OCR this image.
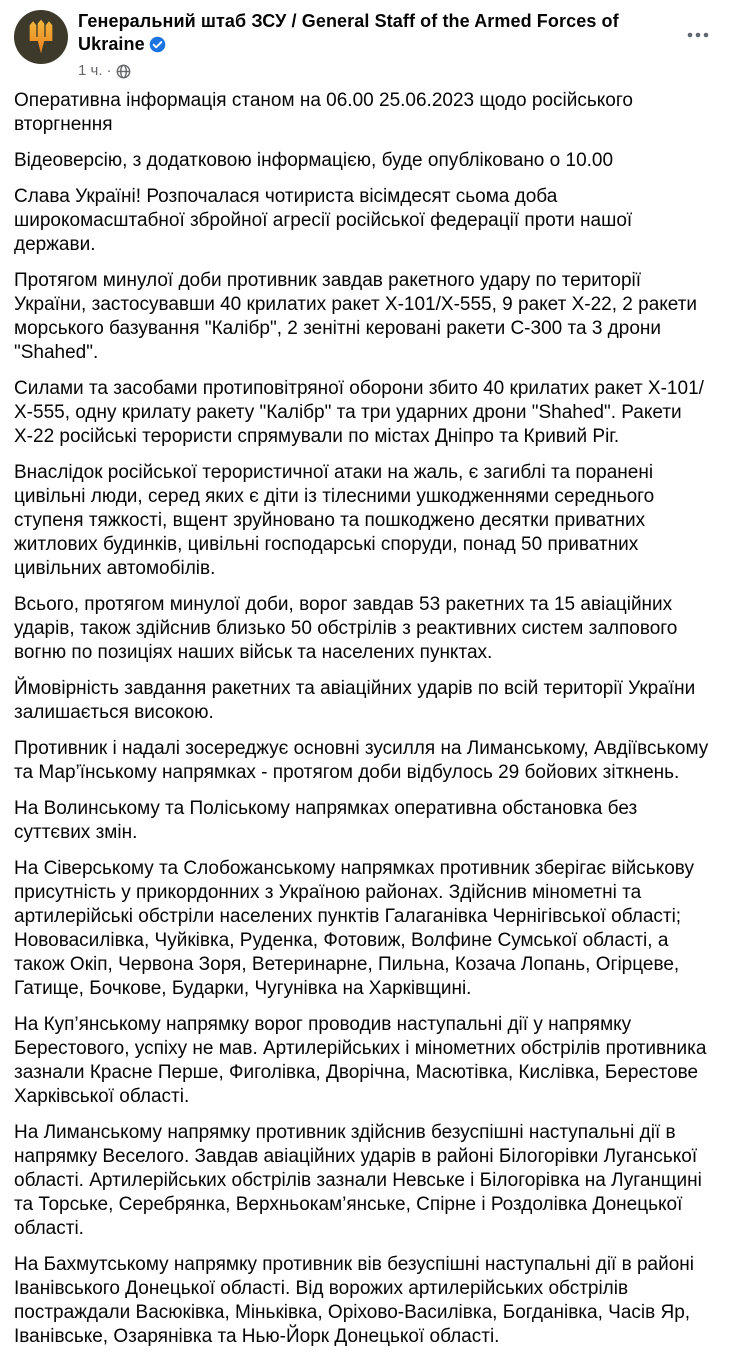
Генеральний штаб ЗСУ / General Staff of the Armed Forces of Ukraine
1 ч. ·

Оперативна інформація станом на 06.00 25.06.2023 щодо російського вторгнення

Відеоверсію, з додатковою інформацією, буде опубліковано о 10.00

Слава Україні! Розпочалася чотириста вісімдесят сьома доба широкомасштабної збройної агресії російської федерації проти нашої держави.

Протягом минулої доби противник завдав ракетного удару по території України, застосувавши 40 крилатих ракет Х-101/Х-555, 9 ракет Х-22, 2 ракети морського базування "Калібр", 2 зенітні керовані ракети С-300 та 3 дрони "Shahed".

Силами та засобами протиповітряної оборони збито 40 крилатих ракет Х-101/Х-555, одну крилату ракету "Калібр" та три ударних дрони "Shahed". Ракети Х-22 російські терористи спрямували по містах Дніпро та Кривий Ріг.

Внаслідок російської терористичної атаки на жаль, є загиблі та поранені цивільні люди, серед яких є діти із тілесними ушкодженнями середнього ступеня тяжкості, вщент зруйновано та пошкоджено десятки приватних житлових будинків, цивільні господарські споруди, понад 50 приватних цивільних автомобілів.

Всього, протягом минулої доби, ворог завдав 53 ракетних та 15 авіаційних ударів, також здійснив близько 50 обстрілів з реактивних систем залпового вогню по позиціях наших військ та населених пунктах.

Ймовірність завдання ракетних та авіаційних ударів по всій території України залишається високою.

Противник і надалі зосереджує основні зусилля на Лиманському, Авдіївському та Мар’їнському напрямках - протягом доби відбулось 29 бойових зіткнень.

На Волинському та Поліському напрямках оперативна обстановка без суттєвих змін.

На Сіверському та Слобожанському напрямках противник зберігає військову присутність у прикордонних з Україною районах. Здійснив мінометні та артилерійські обстріли населених пунктів Галаганівка Чернігівської області; Нововасилівка, Чуйківка, Руденка, Фотовиж, Волфине Сумської області, а також Окіп, Червона Зоря, Ветеринарне, Пильна, Козача Лопань, Огірцеве, Гатище, Бочкове, Бударки, Чугунівка на Харківщині.

На Куп’янському напрямку ворог проводив наступальні дії у напрямку Берестового, успіху не мав. Артилерійських і мінометних обстрілів противника зазнали Красне Перше, Фиголівка, Дворічна, Масютівка, Кислівка, Берестове Харківської області.

На Лиманському напрямку противник здійснив безуспішні наступальні дії в напрямку Веселого. Завдав авіаційних ударів в районі Білогорівки Луганської області. Артилерійських обстрілів зазнали Невське і Білогорівка на Луганщині та Торське, Серебрянка, Верхньокам’янське, Спірне і Роздолівка Донецької області.

На Бахмутському напрямку противник вів безуспішні наступальні дії в районі Іванівського Донецької області. Від ворожих артилерійських обстрілів постраждали Васюківка, Міньківка, Оріхово-Василівка, Богданівка, Часів Яр, Іванівське, Озарянівка та Нью-Йорк Донецької області.
